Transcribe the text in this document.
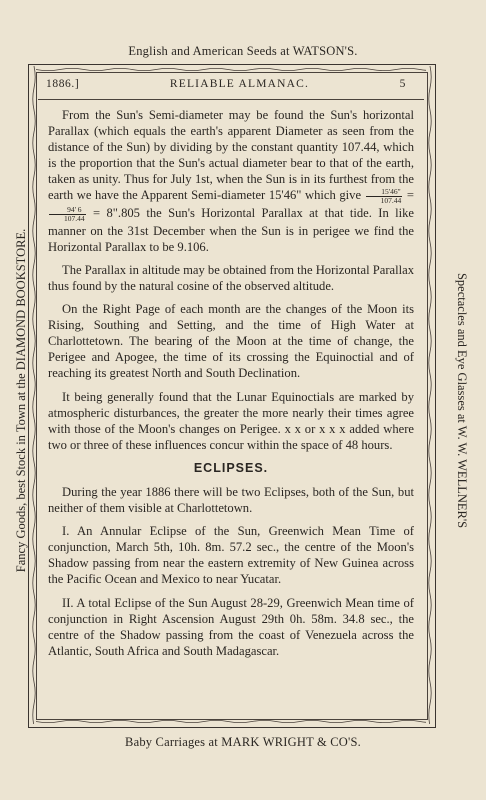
English and American Seeds at WATSON'S.
Fancy Goods, best Stock in Town at the DIAMOND BOOKSTORE.	Spectacles and Eye Glasses at W. W. WELLNER'S
Baby Carriages at MARK WRIGHT & CO'S.
1886.]	RELIABLE ALMANAC.	5

From the Sun's Semi-diameter may be found the Sun's horizontal Parallax (which equals the earth's apparent Diameter as seen from the distance of the Sun) by dividing by the constant quantity 107.44, which is the proportion that the Sun's actual diameter bear to that of the earth, taken as unity. Thus for July 1st, when the Sun is in its furthest from the earth we have the Apparent Semi-diameter 15'46" which give $\frac{15'46"}{107.44}$ =
$\frac{94' 6}{107.44}$ = 8".805 the Sun's Horizontal Parallax at that tide. In like manner on the 31st December when the Sun is in perigee we find the Horizontal Parallax to be 9.106.

The Parallax in altitude may be obtained from the Horizontal Parallax thus found by the natural cosine of the observed altitude.

On the Right Page of each month are the changes of the Moon its Rising, Southing and Setting, and the time of High Water at Charlottetown. The bearing of the Moon at the time of change, the Perigee and Apogee, the time of its crossing the Equinoctial and of reaching its greatest North and South Declination.

It being generally found that the Lunar Equinoctials are marked by atmospheric disturbances, the greater the more nearly their times agree with those of the Moon's changes on Perigee. x x or x x x added where two or three of these influences concur within the space of 48 hours.

ECLIPSES.

During the year 1886 there will be two Eclipses, both of the Sun, but neither of them visible at Charlottetown.

I. An Annular Eclipse of the Sun, Greenwich Mean Time of conjunction, March 5th, 10h. 8m. 57.2 sec., the centre of the Moon's Shadow passing from near the eastern extremity of New Guinea across the Pacific Ocean and Mexico to near Yucatar.

II. A total Eclipse of the Sun August 28-29, Greenwich Mean time of conjunction in Right Ascension August 29th 0h. 58m. 34.8 sec., the centre of the Shadow passing from the coast of Venezuela across the Atlantic, South Africa and South Madagascar.
